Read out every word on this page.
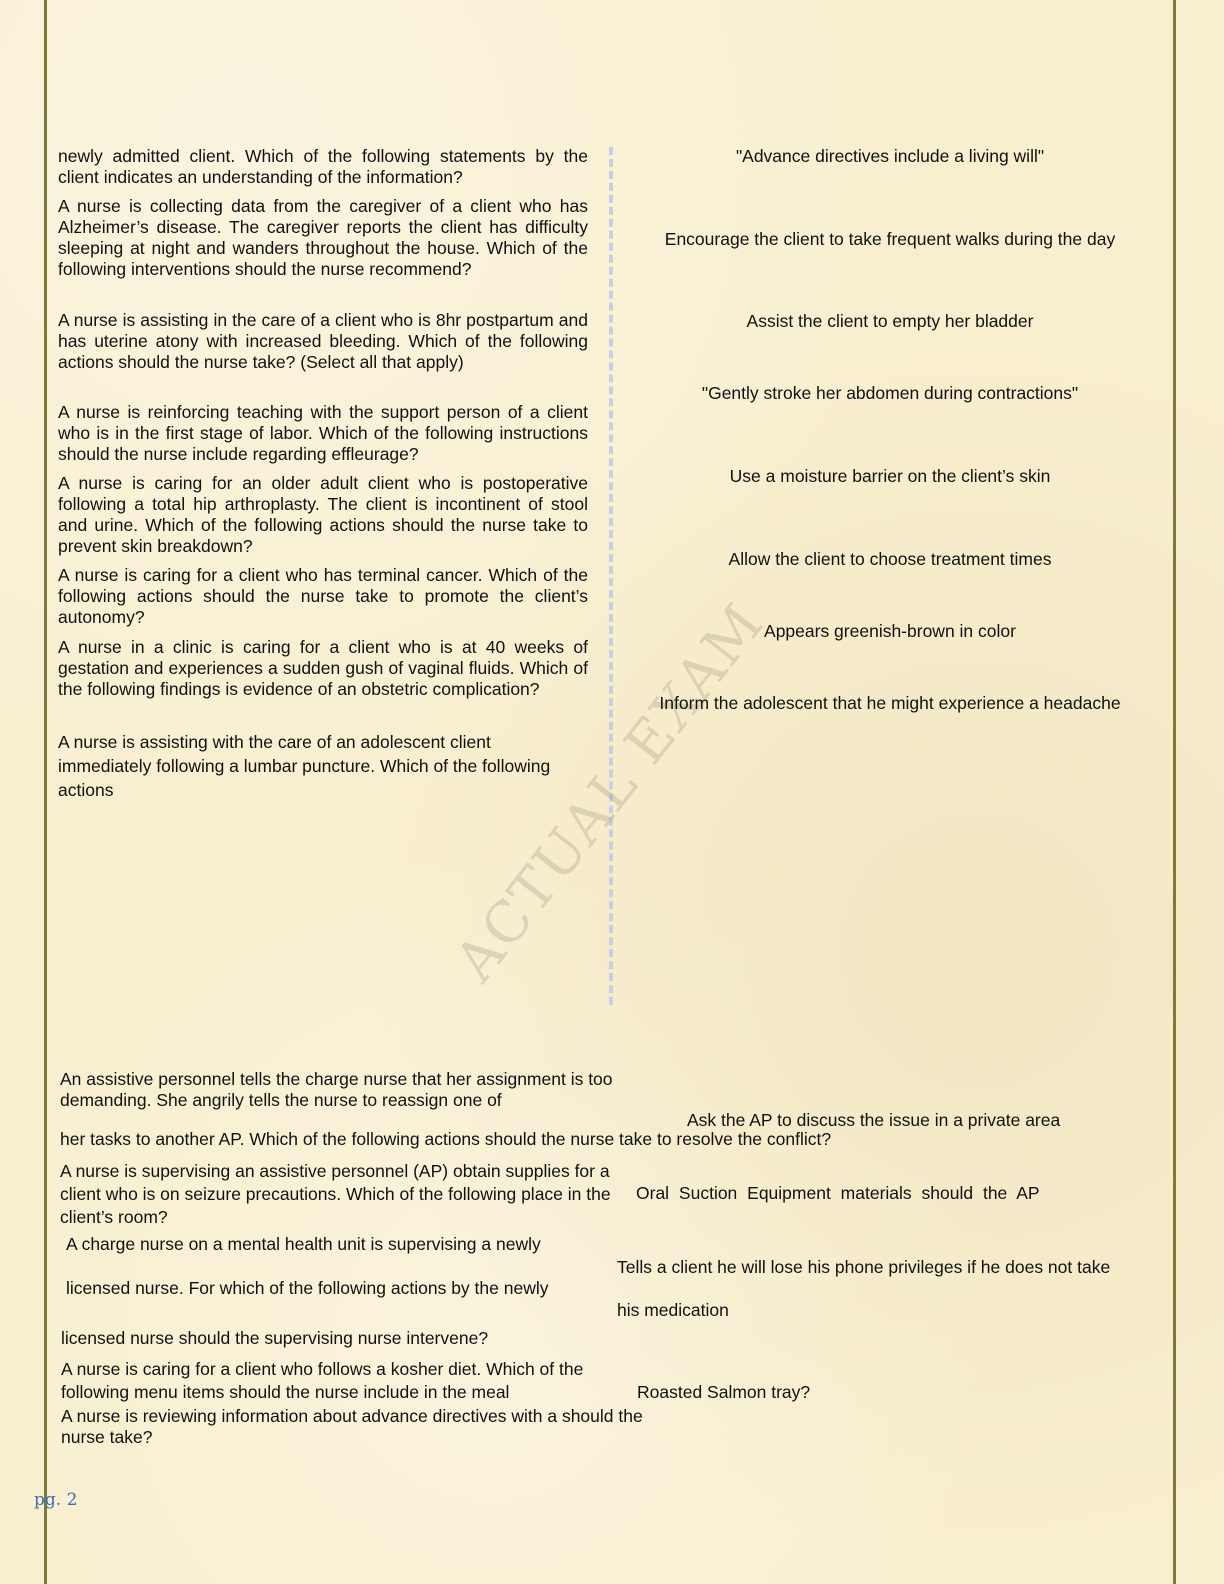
ACTUAL EXAM

newly admitted client. Which of the following statements by the client indicates an understanding of the information?

A nurse is collecting data from the caregiver of a client who has Alzheimer’s disease. The caregiver reports the client has difficulty sleeping at night and wanders throughout the house. Which of the following interventions should the nurse recommend?

A nurse is assisting in the care of a client who is 8hr postpartum and has uterine atony with increased bleeding. Which of the following actions should the nurse take? (Select all that apply)

A nurse is reinforcing teaching with the support person of a client who is in the first stage of labor. Which of the following instructions should the nurse include regarding effleurage?

A nurse is caring for an older adult client who is postoperative following a total hip arthroplasty. The client is incontinent of stool and urine. Which of the following actions should the nurse take to prevent skin breakdown?

A nurse is caring for a client who has terminal cancer. Which of the following actions should the nurse take to promote the client’s autonomy?

A nurse in a clinic is caring for a client who is at 40 weeks of gestation and experiences a sudden gush of vaginal fluids. Which of the following findings is evidence of an obstetric complication?

A nurse is assisting with the care of an adolescent client immediately following a lumbar puncture. Which of the following actions

"Advance directives include a living will"

Encourage the client to take frequent walks during the day

Assist the client to empty her bladder

"Gently stroke her abdomen during contractions"

Use a moisture barrier on the client’s skin

Allow the client to choose treatment times

Appears greenish-brown in color

Inform the adolescent that he might experience a headache

An assistive personnel tells the charge nurse that her assignment is too demanding. She angrily tells the nurse to reassign one of

Ask the AP to discuss the issue in a private area

her tasks to another AP. Which of the following actions should the nurse take to resolve the conflict?

A nurse is supervising an assistive personnel (AP) obtain supplies for a client who is on seizure precautions. Which of the following place in the client’s room?

Oral Suction Equipment materials should the AP

A charge nurse on a mental health unit is supervising a newly

Tells a client he will lose his phone privileges if he does not take

licensed nurse. For which of the following actions by the newly

his medication

licensed nurse should the supervising nurse intervene?

A nurse is caring for a client who follows a kosher diet. Which of the following menu items should the nurse include in the meal	Roasted Salmon tray?

A nurse is reviewing information about advance directives with a should the nurse take?

pg. 2
